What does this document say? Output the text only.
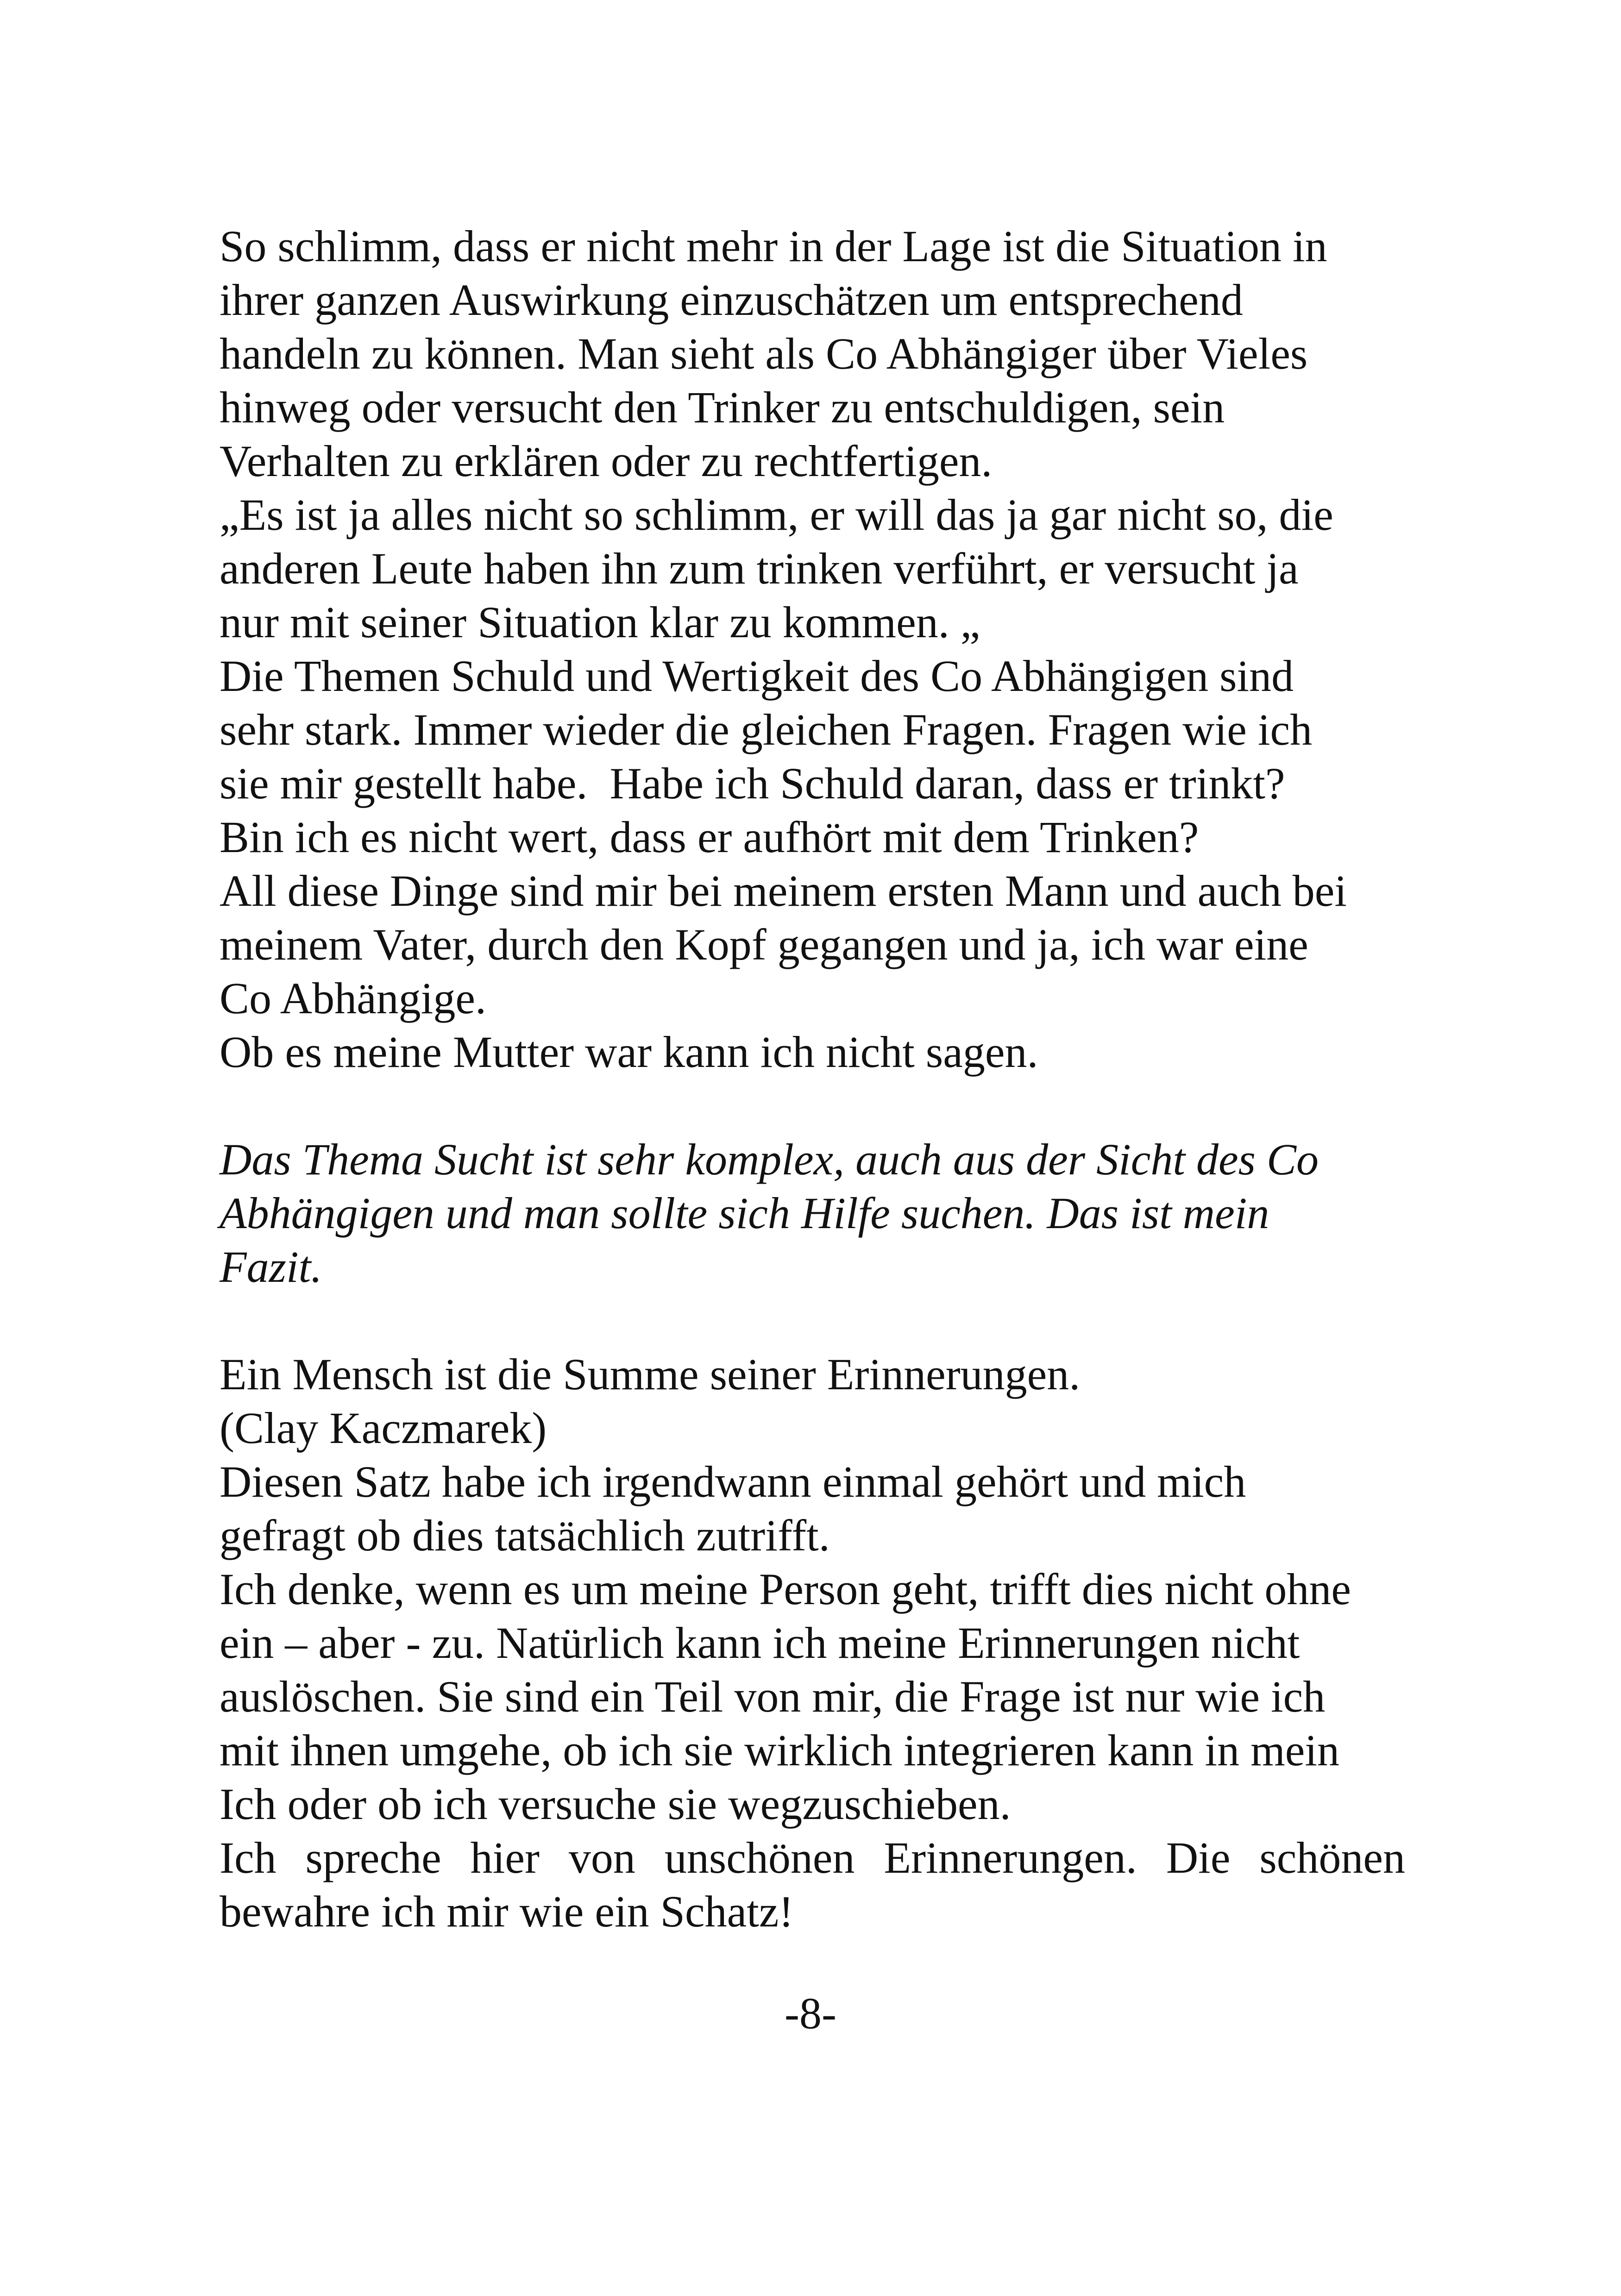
So schlimm, dass er nicht mehr in der Lage ist die Situation in
ihrer ganzen Auswirkung einzuschätzen um entsprechend
handeln zu können. Man sieht als Co Abhängiger über Vieles
hinweg oder versucht den Trinker zu entschuldigen, sein
Verhalten zu erklären oder zu rechtfertigen.
„Es ist ja alles nicht so schlimm, er will das ja gar nicht so, die
anderen Leute haben ihn zum trinken verführt, er versucht ja
nur mit seiner Situation klar zu kommen. „
Die Themen Schuld und Wertigkeit des Co Abhängigen sind
sehr stark. Immer wieder die gleichen Fragen. Fragen wie ich
sie mir gestellt habe.  Habe ich Schuld daran, dass er trinkt?
Bin ich es nicht wert, dass er aufhört mit dem Trinken?
All diese Dinge sind mir bei meinem ersten Mann und auch bei
meinem Vater, durch den Kopf gegangen und ja, ich war eine
Co Abhängige.
Ob es meine Mutter war kann ich nicht sagen.
Das Thema Sucht ist sehr komplex, auch aus der Sicht des Co
Abhängigen und man sollte sich Hilfe suchen. Das ist mein
Fazit.
Ein Mensch ist die Summe seiner Erinnerungen.
(Clay Kaczmarek)
Diesen Satz habe ich irgendwann einmal gehört und mich
gefragt ob dies tatsächlich zutrifft.
Ich denke, wenn es um meine Person geht, trifft dies nicht ohne
ein – aber - zu. Natürlich kann ich meine Erinnerungen nicht
auslöschen. Sie sind ein Teil von mir, die Frage ist nur wie ich
mit ihnen umgehe, ob ich sie wirklich integrieren kann in mein
Ich oder ob ich versuche sie wegzuschieben.
Ich spreche hier von unschönen Erinnerungen. Die schönen
bewahre ich mir wie ein Schatz!
-8-
